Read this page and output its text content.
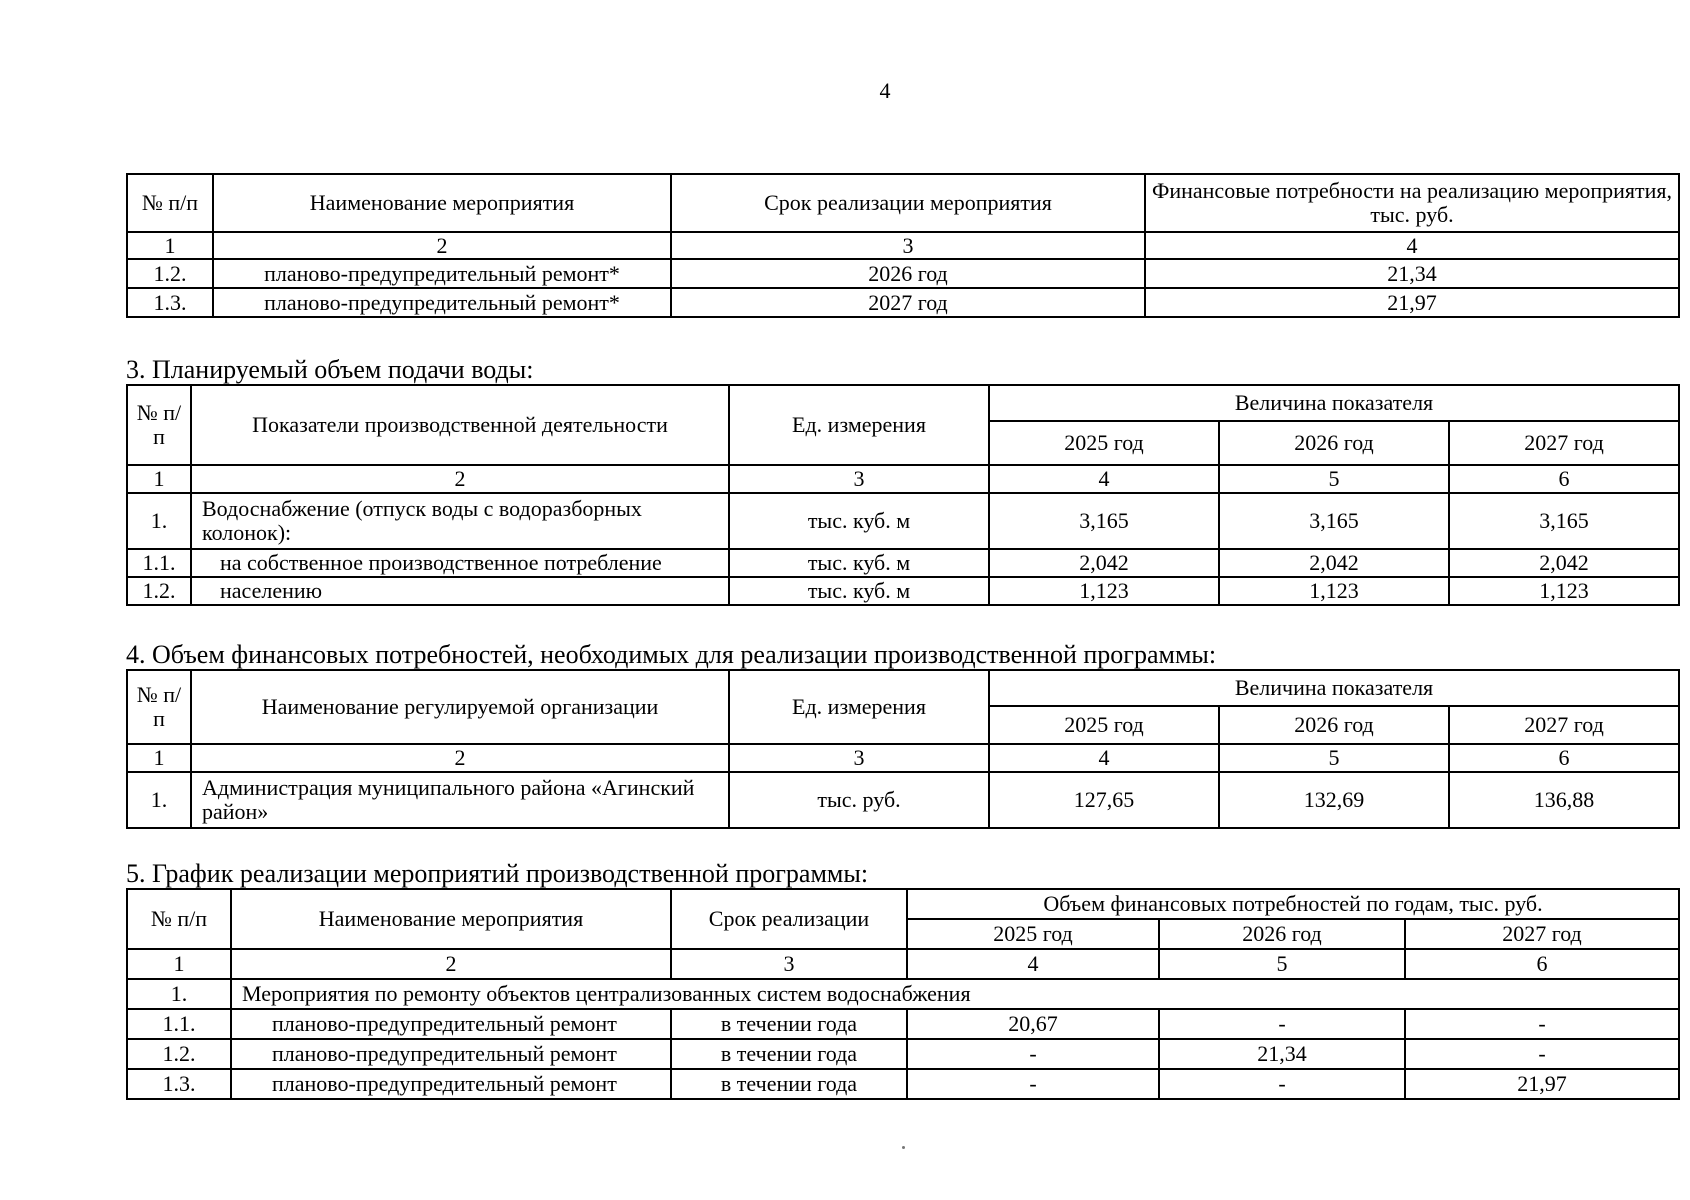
4
№ п/п	Наименование мероприятия	Срок реализации мероприятия	Финансовые потребности на реализацию мероприятия, тыс. руб.
1	2	3	4
1.2.	планово-предупредительный ремонт*	2026 год	21,34
1.3.	планово-предупредительный ремонт*	2027 год	21,97
3. Планируемый объем подачи воды:
№ п/п	Показатели производственной деятельности	Ед. измерения	Величина показателя		
			2025 год	2026 год	2027 год
1	2	3	4	5	6
1.	Водоснабжение (отпуск воды с водоразборных колонок):	тыс. куб. м	3,165	3,165	3,165
1.1.	на собственное производственное потребление	тыс. куб. м	2,042	2,042	2,042
1.2.	населению	тыс. куб. м	1,123	1,123	1,123
4. Объем финансовых потребностей, необходимых для реализации производственной программы:
№ п/п	Наименование регулируемой организации	Ед. измерения	Величина показателя		
			2025 год	2026 год	2027 год
1	2	3	4	5	6
1.	Администрация муниципального района «Агинский район»	тыс. руб.	127,65	132,69	136,88
5. График реализации мероприятий производственной программы:
№ п/п	Наименование мероприятия	Срок реализации	Объем финансовых потребностей по годам, тыс. руб.		
			2025 год	2026 год	2027 год
1	2	3	4	5	6
1.	Мероприятия по ремонту объектов централизованных систем водоснабжения				
1.1.	планово-предупредительный ремонт	в течении года	20,67	-	-
1.2.	планово-предупредительный ремонт	в течении года	-	21,34	-
1.3.	планово-предупредительный ремонт	в течении года	-	-	21,97
